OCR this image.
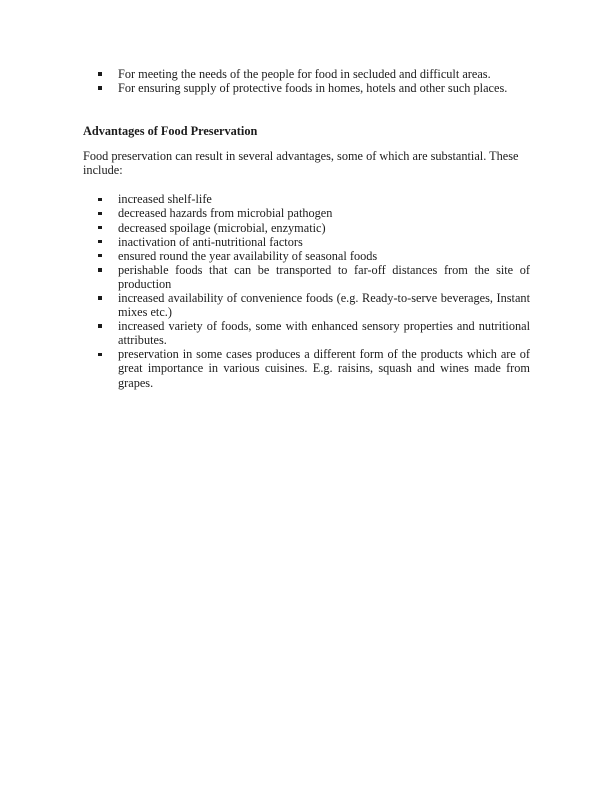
For meeting the needs of the people for food in secluded and difficult areas.
For ensuring supply of protective foods in homes, hotels and other such places.
Advantages of Food Preservation

Food preservation can result in several advantages, some of which are substantial. These include:

increased shelf-life
decreased hazards from microbial pathogen
decreased spoilage (microbial, enzymatic)
inactivation of anti-nutritional factors
ensured round the year availability of seasonal foods
perishable foods that can be transported to far-off distances from the site of production
increased availability of convenience foods (e.g. Ready-to-serve beverages, Instant mixes etc.)
increased variety of foods, some with enhanced sensory properties and nutritional attributes.
preservation in some cases produces a different form of the products which are of great importance in various cuisines. E.g. raisins, squash and wines made from grapes.
